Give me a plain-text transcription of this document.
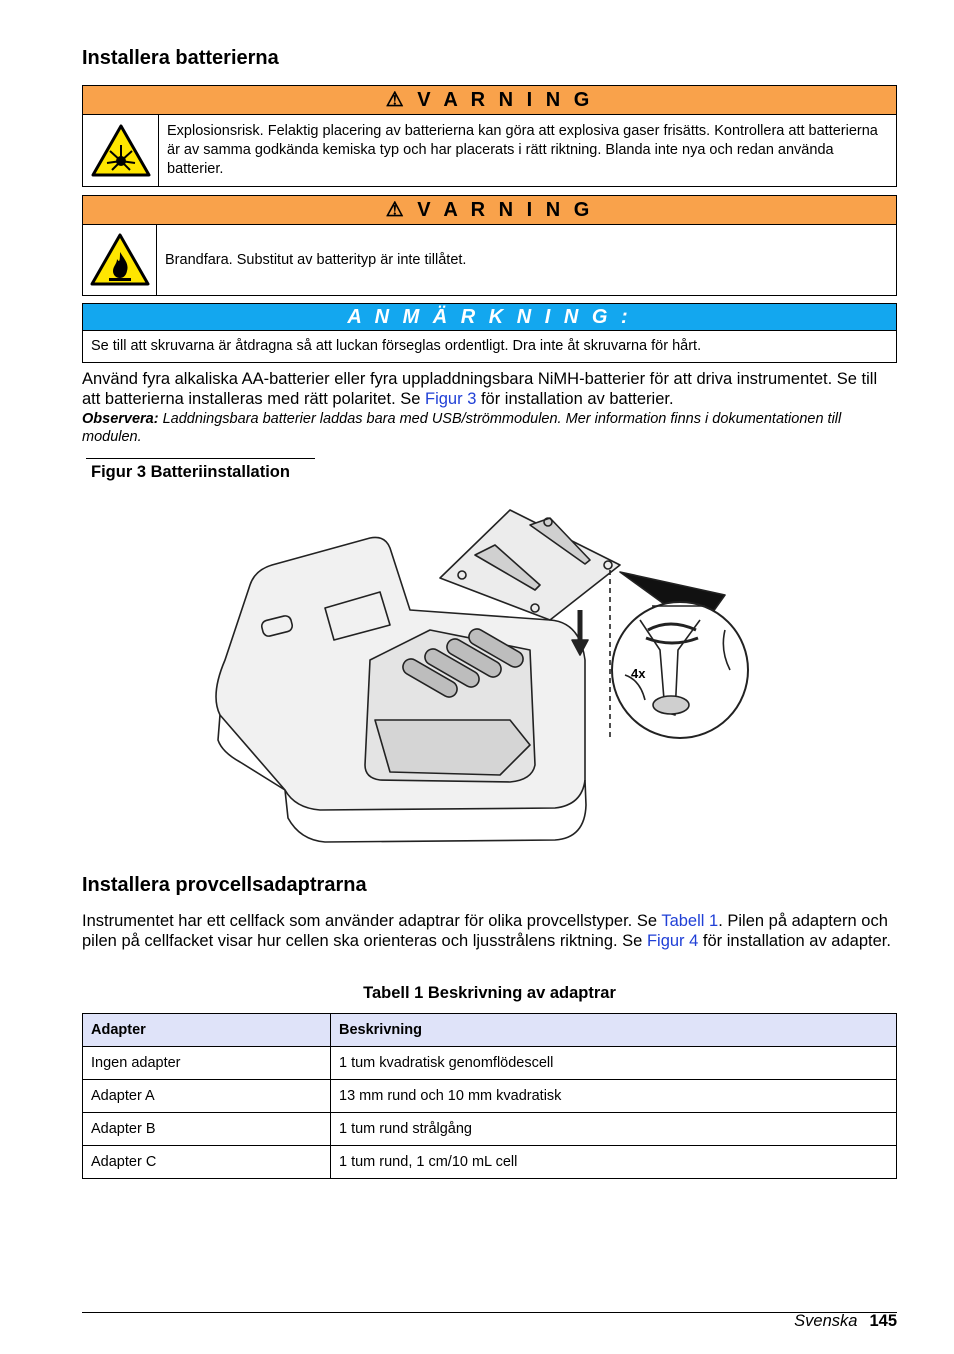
Installera batterierna
⚠ V A R N I N G
Explosionsrisk. Felaktig placering av batterierna kan göra att explosiva gaser frisätts. Kontrollera att batterierna är av samma godkända kemiska typ och har placerats i rätt riktning. Blanda inte nya och redan använda batterier.
⚠ V A R N I N G
Brandfara. Substitut av batterityp är inte tillåtet.
A N M Ä R K N I N G :
Se till att skruvarna är åtdragna så att luckan förseglas ordentligt. Dra inte åt skruvarna för hårt.
Använd fyra alkaliska AA-batterier eller fyra uppladdningsbara NiMH-batterier för att driva instrumentet. Se till att batterierna installeras med rätt polaritet. Se Figur 3 för installation av batterier.
Observera: Laddningsbara batterier laddas bara med USB/strömmodulen. Mer information finns i dokumentationen till modulen.
Figur 3 Batteriinstallation
4x
Installera provcellsadaptrarna
Instrumentet har ett cellfack som använder adaptrar för olika provcellstyper. Se Tabell 1. Pilen på adaptern och pilen på cellfacket visar hur cellen ska orienteras och ljusstrålens riktning. Se Figur 4 för installation av adapter.
Tabell 1 Beskrivning av adaptrar
Adapter	Beskrivning
Ingen adapter	1 tum kvadratisk genomflödescell
Adapter A	13 mm rund och 10 mm kvadratisk
Adapter B	1 tum rund strålgång
Adapter C	1 tum rund, 1 cm/10 mL cell
Svenska 145
